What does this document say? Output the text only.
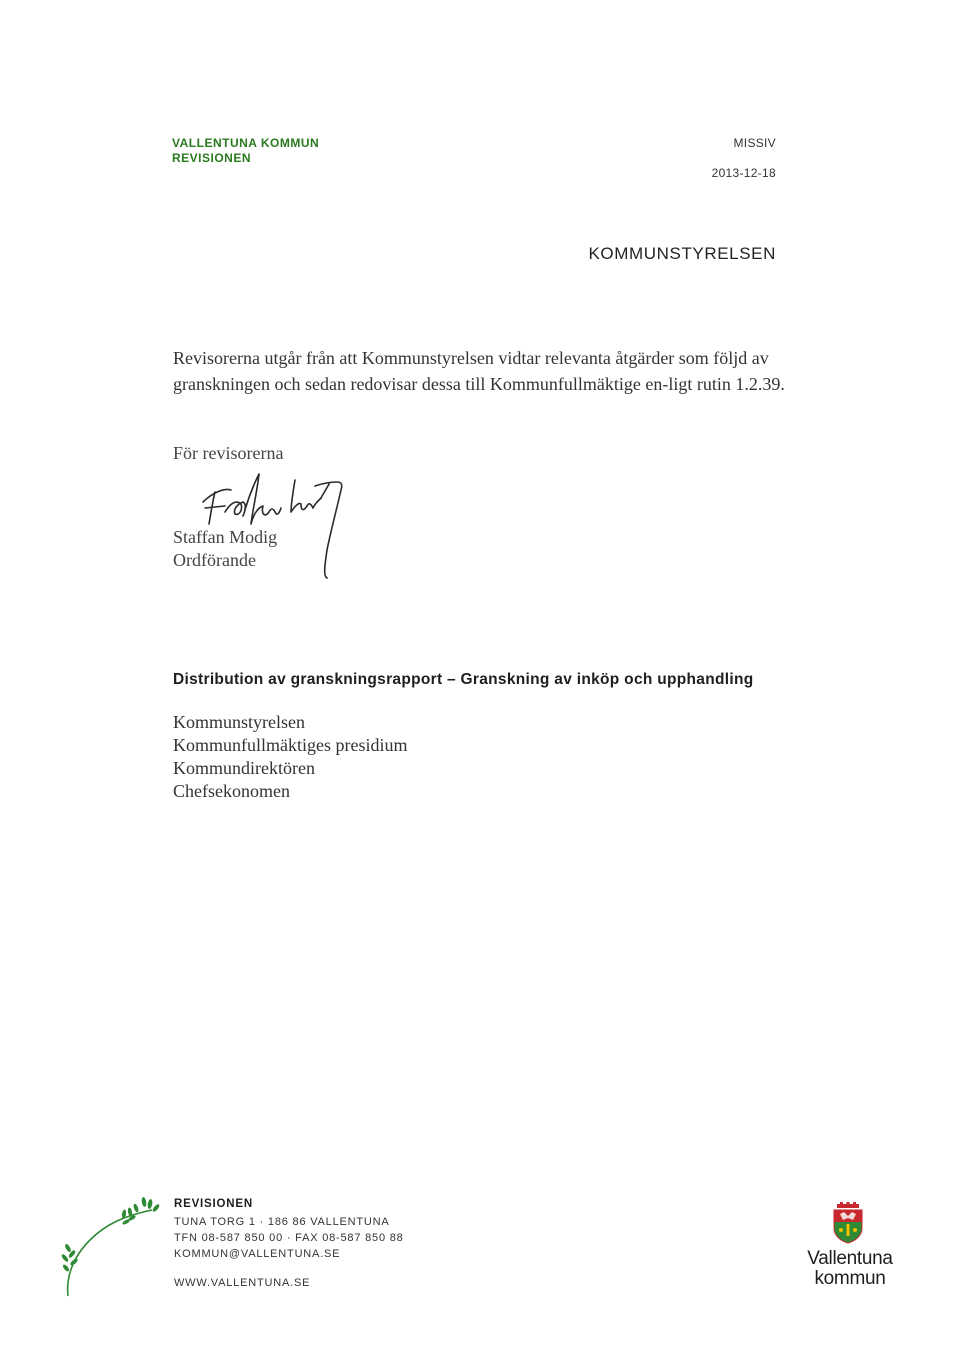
VALLENTUNA KOMMUN
REVISIONEN
MISSIV
2013-12-18
KOMMUNSTYRELSEN
Revisorerna utgår från att Kommunstyrelsen vidtar relevanta åtgärder som följd av granskningen och sedan redovisar dessa till Kommunfullmäktige en-ligt rutin 1.2.39.
För revisorerna
Staffan Modig
Ordförande
Distribution av granskningsrapport – Granskning av inköp och upphandling
Kommunstyrelsen
Kommunfullmäktiges presidium
Kommundirektören
Chefsekonomen
REVISIONEN
TUNA TORG 1 · 186 86 VALLENTUNA
TFN 08-587 850 00 · FAX 08-587 850 88
KOMMUN@VALLENTUNA.SE
WWW.VALLENTUNA.SE
Vallentuna
kommun
